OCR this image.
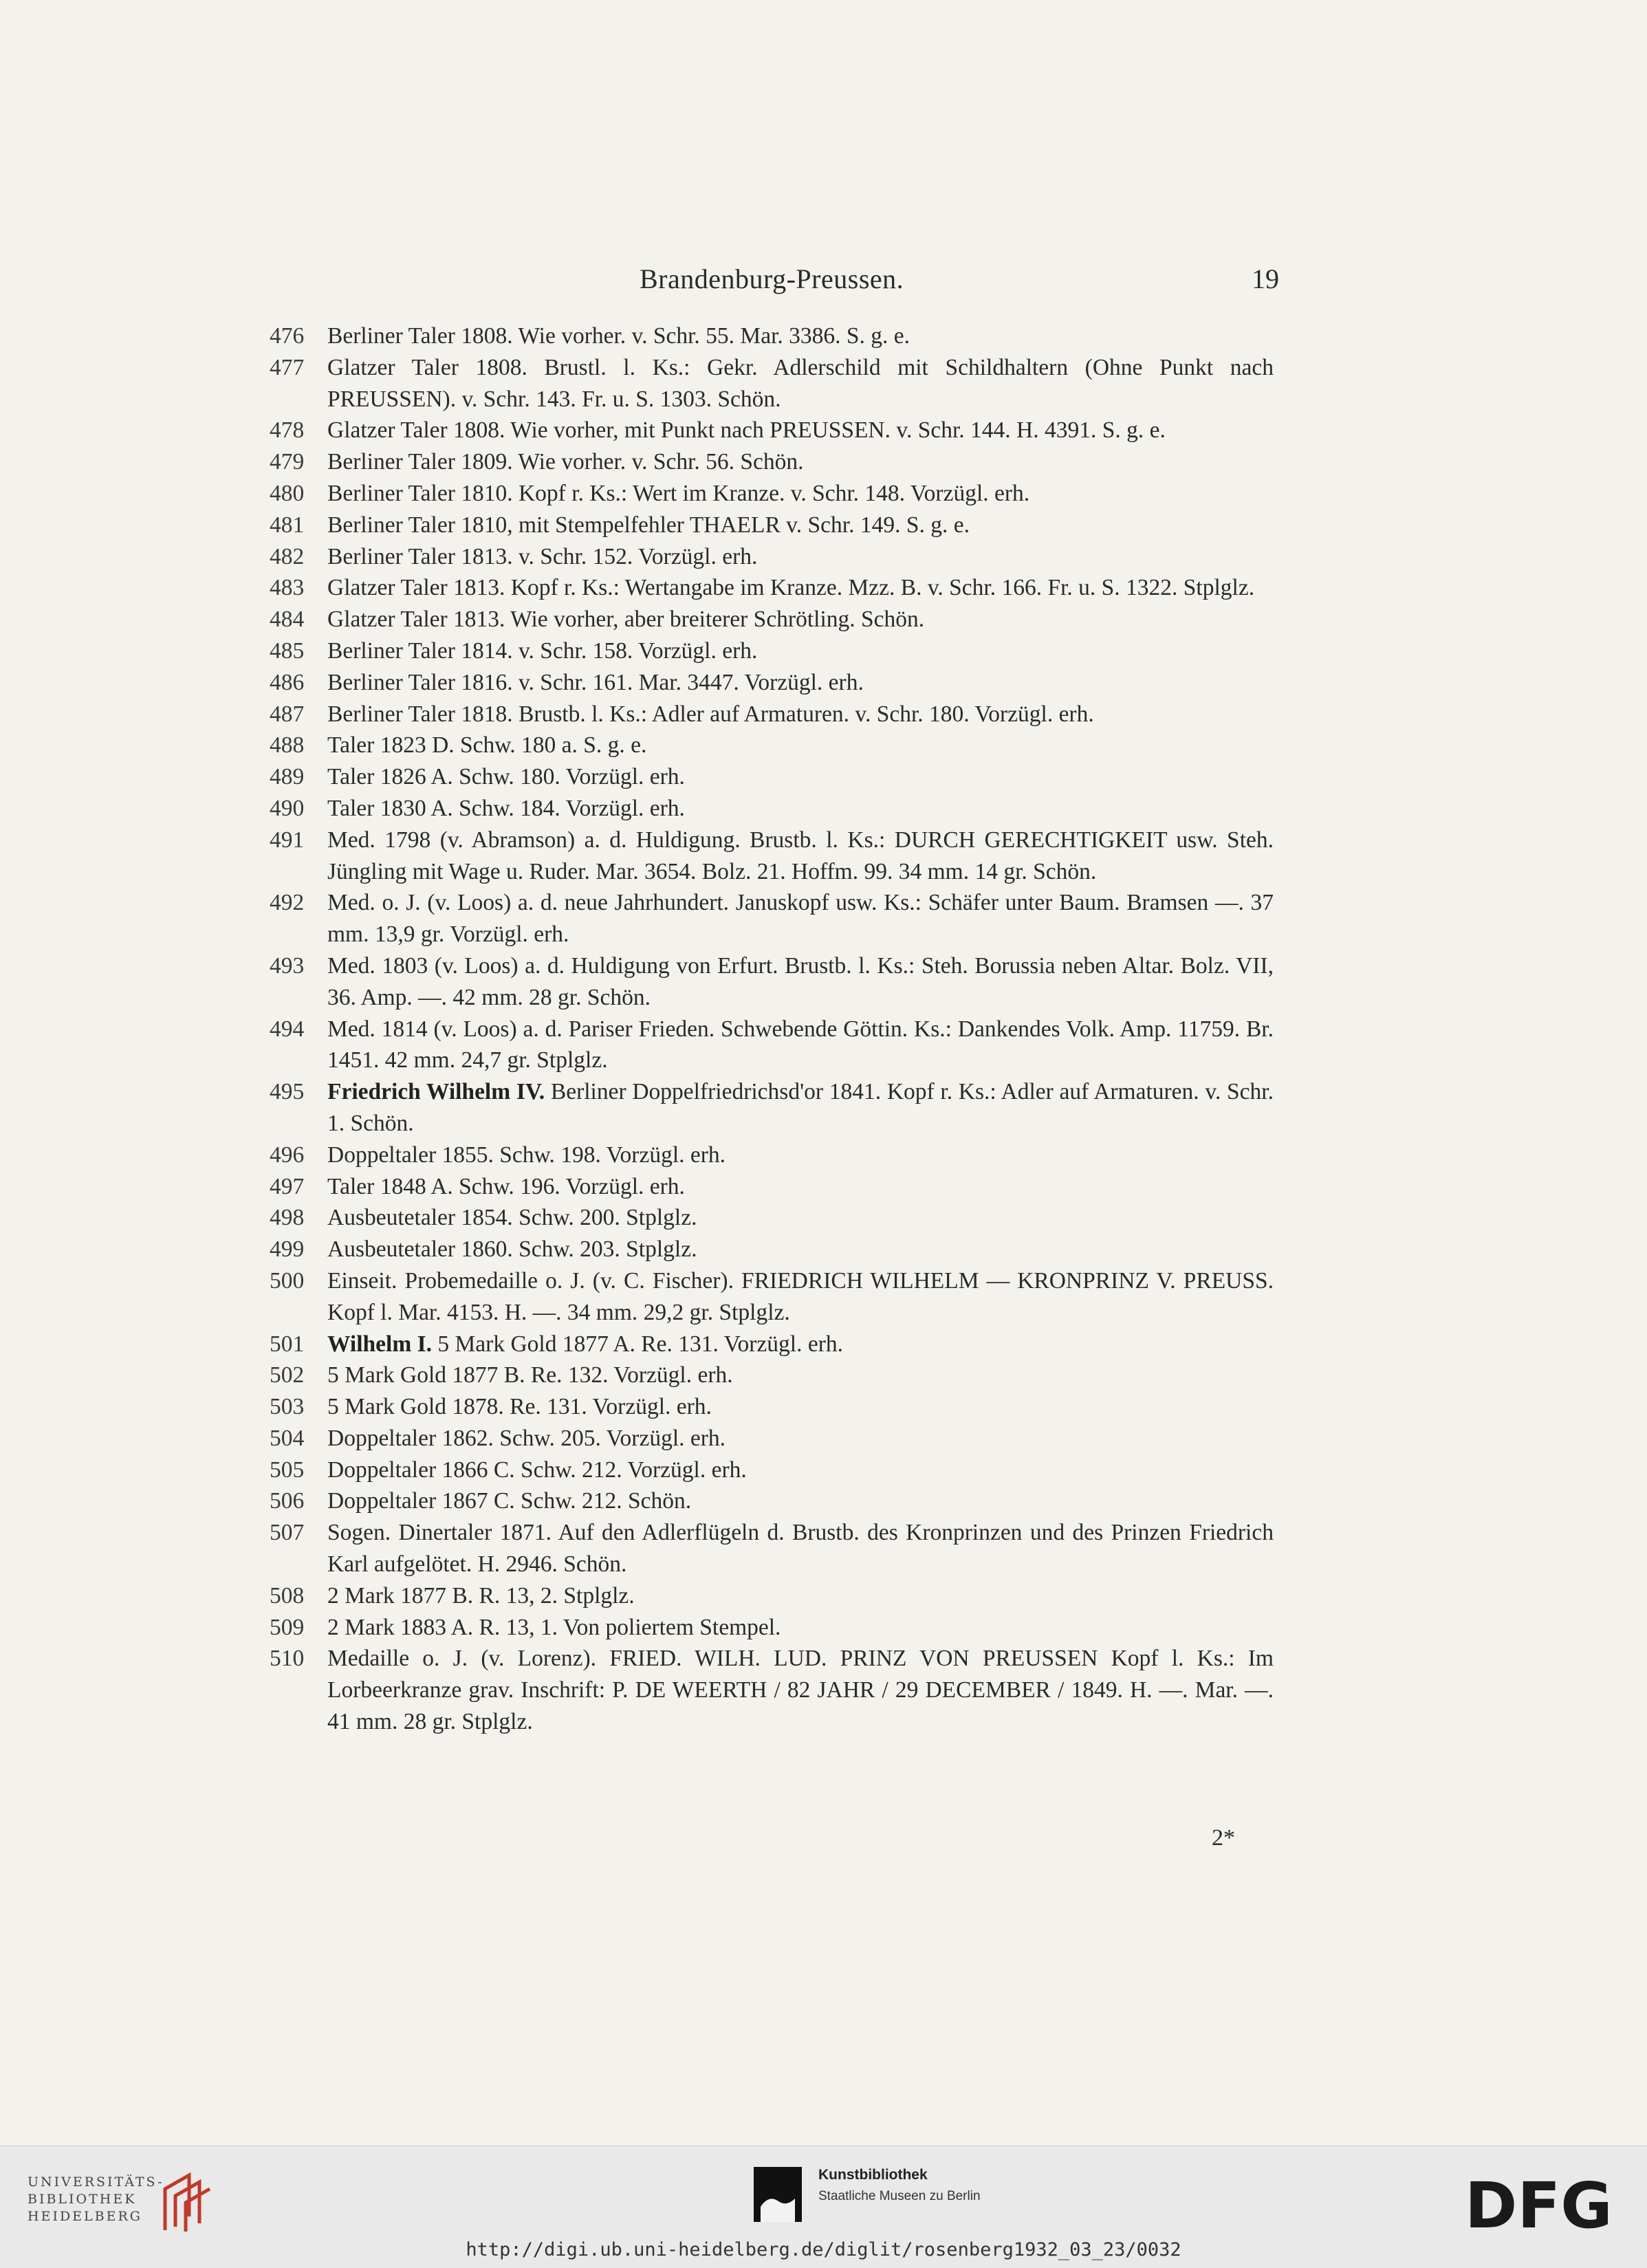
Brandenburg-Preussen.	19
476	Berliner Taler 1808. Wie vorher. v. Schr. 55. Mar. 3386. S. g. e.
477	Glatzer Taler 1808. Brustl. l. Ks.: Gekr. Adlerschild mit Schildhaltern (Ohne Punkt nach PREUSSEN). v. Schr. 143. Fr. u. S. 1303. Schön.
478	Glatzer Taler 1808. Wie vorher, mit Punkt nach PREUSSEN. v. Schr. 144. H. 4391. S. g. e.
479	Berliner Taler 1809. Wie vorher. v. Schr. 56. Schön.
480	Berliner Taler 1810. Kopf r. Ks.: Wert im Kranze. v. Schr. 148. Vorzügl. erh.
481	Berliner Taler 1810, mit Stempelfehler THAELR v. Schr. 149. S. g. e.
482	Berliner Taler 1813. v. Schr. 152. Vorzügl. erh.
483	Glatzer Taler 1813. Kopf r. Ks.: Wertangabe im Kranze. Mzz. B. v. Schr. 166. Fr. u. S. 1322. Stplglz.
484	Glatzer Taler 1813. Wie vorher, aber breiterer Schrötling. Schön.
485	Berliner Taler 1814. v. Schr. 158. Vorzügl. erh.
486	Berliner Taler 1816. v. Schr. 161. Mar. 3447. Vorzügl. erh.
487	Berliner Taler 1818. Brustb. l. Ks.: Adler auf Armaturen. v. Schr. 180. Vorzügl. erh.
488	Taler 1823 D. Schw. 180 a. S. g. e.
489	Taler 1826 A. Schw. 180. Vorzügl. erh.
490	Taler 1830 A. Schw. 184. Vorzügl. erh.
491	Med. 1798 (v. Abramson) a. d. Huldigung. Brustb. l. Ks.: DURCH GERECHTIGKEIT usw. Steh. Jüngling mit Wage u. Ruder. Mar. 3654. Bolz. 21. Hoffm. 99. 34 mm. 14 gr. Schön.
492	Med. o. J. (v. Loos) a. d. neue Jahrhundert. Januskopf usw. Ks.: Schäfer unter Baum. Bramsen —. 37 mm. 13,9 gr. Vorzügl. erh.
493	Med. 1803 (v. Loos) a. d. Huldigung von Erfurt. Brustb. l. Ks.: Steh. Borussia neben Altar. Bolz. VII, 36. Amp. —. 42 mm. 28 gr. Schön.
494	Med. 1814 (v. Loos) a. d. Pariser Frieden. Schwebende Göttin. Ks.: Dankendes Volk. Amp. 11759. Br. 1451. 42 mm. 24,7 gr. Stplglz.
495	Friedrich Wilhelm IV. Berliner Doppelfriedrichsd'or 1841. Kopf r. Ks.: Adler auf Armaturen. v. Schr. 1. Schön.
496	Doppeltaler 1855. Schw. 198. Vorzügl. erh.
497	Taler 1848 A. Schw. 196. Vorzügl. erh.
498	Ausbeutetaler 1854. Schw. 200. Stplglz.
499	Ausbeutetaler 1860. Schw. 203. Stplglz.
500	Einseit. Probemedaille o. J. (v. C. Fischer). FRIEDRICH WILHELM — KRONPRINZ V. PREUSS. Kopf l. Mar. 4153. H. —. 34 mm. 29,2 gr. Stplglz.
501	Wilhelm I. 5 Mark Gold 1877 A. Re. 131. Vorzügl. erh.
502	5 Mark Gold 1877 B. Re. 132. Vorzügl. erh.
503	5 Mark Gold 1878. Re. 131. Vorzügl. erh.
504	Doppeltaler 1862. Schw. 205. Vorzügl. erh.
505	Doppeltaler 1866 C. Schw. 212. Vorzügl. erh.
506	Doppeltaler 1867 C. Schw. 212. Schön.
507	Sogen. Dinertaler 1871. Auf den Adlerflügeln d. Brustb. des Kronprinzen und des Prinzen Friedrich Karl aufgelötet. H. 2946. Schön.
508	2 Mark 1877 B. R. 13, 2. Stplglz.
509	2 Mark 1883 A. R. 13, 1. Von poliertem Stempel.
510	Medaille o. J. (v. Lorenz). FRIED. WILH. LUD. PRINZ VON PREUSSEN Kopf l. Ks.: Im Lorbeerkranze grav. Inschrift: P. DE WEERTH / 82 JAHR / 29 DECEMBER / 1849. H. —. Mar. —. 41 mm. 28 gr. Stplglz.
2*
UNIVERSITÄTS-
BIBLIOTHEK
HEIDELBERG
Kunstbibliothek
Staatliche Museen zu Berlin	DFG
http://digi.ub.uni-heidelberg.de/diglit/rosenberg1932_03_23/0032
